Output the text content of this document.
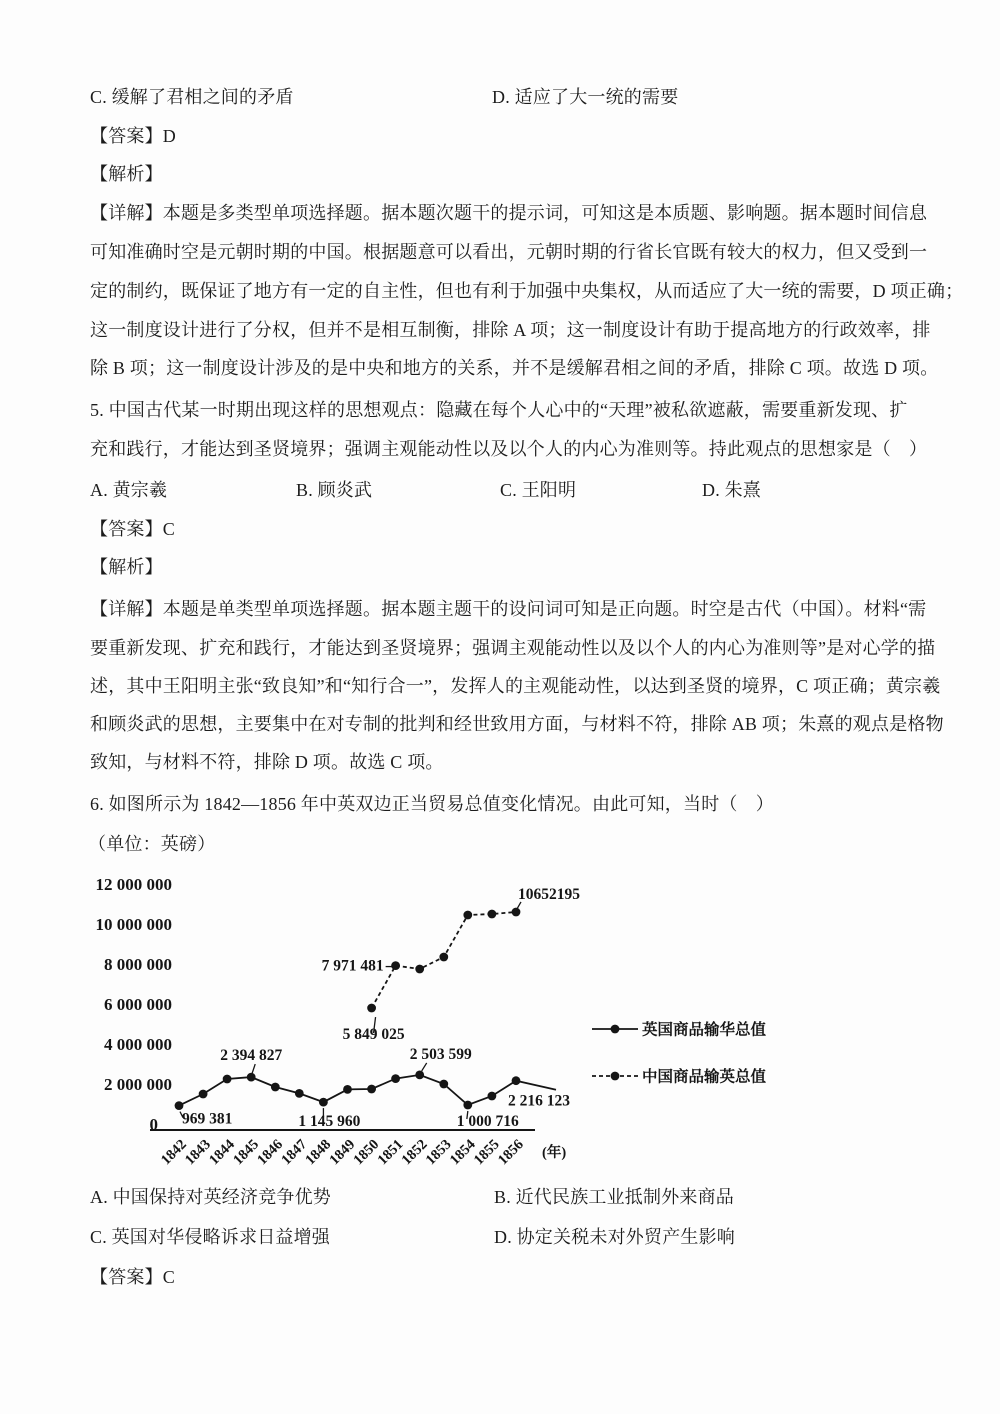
C. 缓解了君相之间的矛盾	D. 适应了大一统的需要
【答案】D
【解析】
【详解】本题是多类型单项选择题。据本题次题干的提示词，可知这是本质题、影响题。据本题时间信息
可知准确时空是元朝时期的中国。根据题意可以看出，元朝时期的行省长官既有较大的权力，但又受到一
定的制约，既保证了地方有一定的自主性，但也有利于加强中央集权，从而适应了大一统的需要，D 项正确；
这一制度设计进行了分权，但并不是相互制衡，排除 A 项；这一制度设计有助于提高地方的行政效率，排
除 B 项；这一制度设计涉及的是中央和地方的关系，并不是缓解君相之间的矛盾，排除 C 项。故选 D 项。
5. 中国古代某一时期出现这样的思想观点：隐藏在每个人心中的“天理”被私欲遮蔽，需要重新发现、扩
充和践行，才能达到圣贤境界；强调主观能动性以及以个人的内心为准则等。持此观点的思想家是（　）
A. 黄宗羲	B. 顾炎武	C. 王阳明	D. 朱熹
【答案】C
【解析】
【详解】本题是单类型单项选择题。据本题主题干的设问词可知是正向题。时空是古代（中国）。材料“需
要重新发现、扩充和践行，才能达到圣贤境界；强调主观能动性以及以个人的内心为准则等”是对心学的描
述，其中王阳明主张“致良知”和“知行合一”，发挥人的主观能动性，以达到圣贤的境界，C 项正确；黄宗羲
和顾炎武的思想，主要集中在对专制的批判和经世致用方面，与材料不符，排除 AB 项；朱熹的观点是格物
致知，与材料不符，排除 D 项。故选 C 项。
6. 如图所示为 1842—1856 年中英双边正当贸易总值变化情况。由此可知，当时（　）
（单位：英磅）
12 000 000
10 000 000
8 000 000
6 000 000
4 000 000
2 000 000
0
1842
1843
1844
1845
1846
1847
1848
1849
1850
1851
1852
1853
1854
1855
1856 (年)
969 381
2 394 827
1 145 960
2 503 599
1 000 716
2 216 123
5 849 025
7 971 481
10652195
英国商品输华总值
中国商品输英总值
A. 中国保持对英经济竞争优势	B. 近代民族工业抵制外来商品
C. 英国对华侵略诉求日益增强	D. 协定关税未对外贸产生影响
【答案】C
